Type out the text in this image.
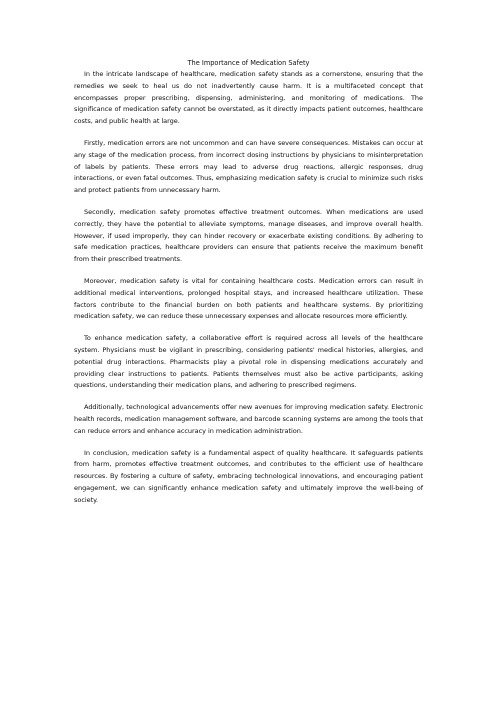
The Importance of Medication Safety

In the intricate landscape of healthcare, medication safety stands as a cornerstone, ensuring that the remedies we seek to heal us do not inadvertently cause harm. It is a multifaceted concept that encompasses proper prescribing, dispensing, administering, and monitoring of medications. The significance of medication safety cannot be overstated, as it directly impacts patient outcomes, healthcare costs, and public health at large.

Firstly, medication errors are not uncommon and can have severe consequences. Mistakes can occur at any stage of the medication process, from incorrect dosing instructions by physicians to misinterpretation of labels by patients. These errors may lead to adverse drug reactions, allergic responses, drug interactions, or even fatal outcomes. Thus, emphasizing medication safety is crucial to minimize such risks and protect patients from unnecessary harm.

Secondly, medication safety promotes effective treatment outcomes. When medications are used correctly, they have the potential to alleviate symptoms, manage diseases, and improve overall health. However, if used improperly, they can hinder recovery or exacerbate existing conditions. By adhering to safe medication practices, healthcare providers can ensure that patients receive the maximum benefit from their prescribed treatments.

Moreover, medication safety is vital for containing healthcare costs. Medication errors can result in additional medical interventions, prolonged hospital stays, and increased healthcare utilization. These factors contribute to the financial burden on both patients and healthcare systems. By prioritizing medication safety, we can reduce these unnecessary expenses and allocate resources more efficiently.

To enhance medication safety, a collaborative effort is required across all levels of the healthcare system. Physicians must be vigilant in prescribing, considering patients' medical histories, allergies, and potential drug interactions. Pharmacists play a pivotal role in dispensing medications accurately and providing clear instructions to patients. Patients themselves must also be active participants, asking questions, understanding their medication plans, and adhering to prescribed regimens.

Additionally, technological advancements offer new avenues for improving medication safety. Electronic health records, medication management software, and barcode scanning systems are among the tools that can reduce errors and enhance accuracy in medication administration.

In conclusion, medication safety is a fundamental aspect of quality healthcare. It safeguards patients from harm, promotes effective treatment outcomes, and contributes to the efficient use of healthcare resources. By fostering a culture of safety, embracing technological innovations, and encouraging patient engagement, we can significantly enhance medication safety and ultimately improve the well-being of society.
